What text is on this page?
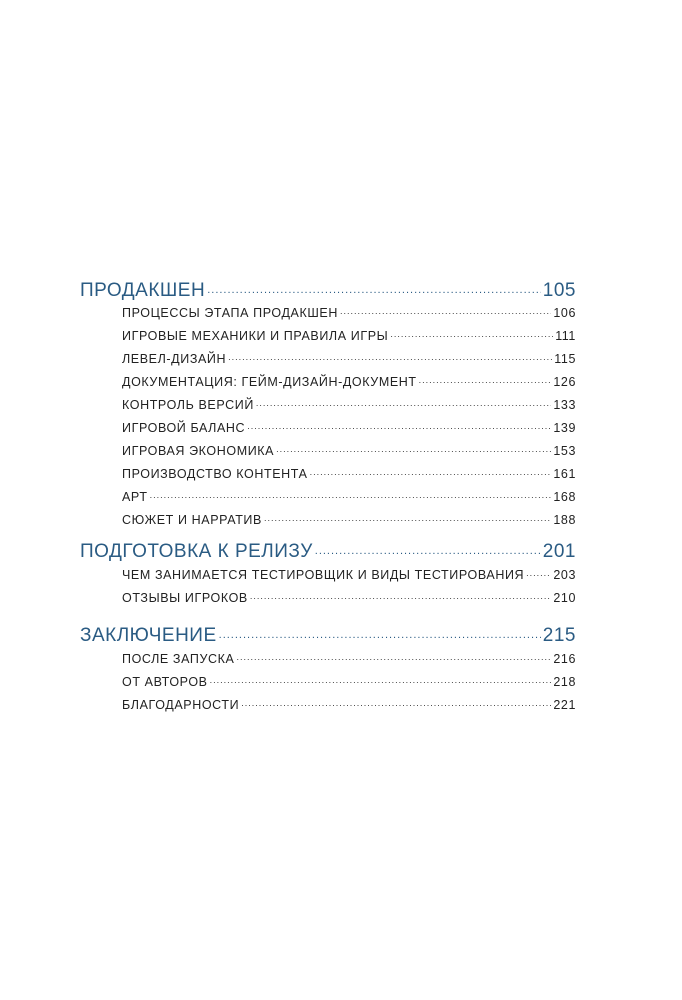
ПРОДАКШЕН .....	105
ПРОЦЕССЫ ЭТАПА ПРОДАКШЕН .....	106
ИГРОВЫЕ МЕХАНИКИ И ПРАВИЛА ИГРЫ .....	111
ЛЕВЕЛ-ДИЗАЙН .....	115
ДОКУМЕНТАЦИЯ: ГЕЙМ-ДИЗАЙН-ДОКУМЕНТ .....	126
КОНТРОЛЬ ВЕРСИЙ .....	133
ИГРОВОЙ БАЛАНС .....	139
ИГРОВАЯ ЭКОНОМИКА .....	153
ПРОИЗВОДСТВО КОНТЕНТА .....	161
АРТ .....	168
СЮЖЕТ И НАРРАТИВ .....	188
ПОДГОТОВКА К РЕЛИЗУ .....	201
ЧЕМ ЗАНИМАЕТСЯ ТЕСТИРОВЩИК И ВИДЫ ТЕСТИРОВАНИЯ ..... 203
ОТЗЫВЫ ИГРОКОВ .....	210
ЗАКЛЮЧЕНИЕ .....	215
ПОСЛЕ ЗАПУСКА .....	216
ОТ АВТОРОВ .....	218
БЛАГОДАРНОСТИ .....	221
